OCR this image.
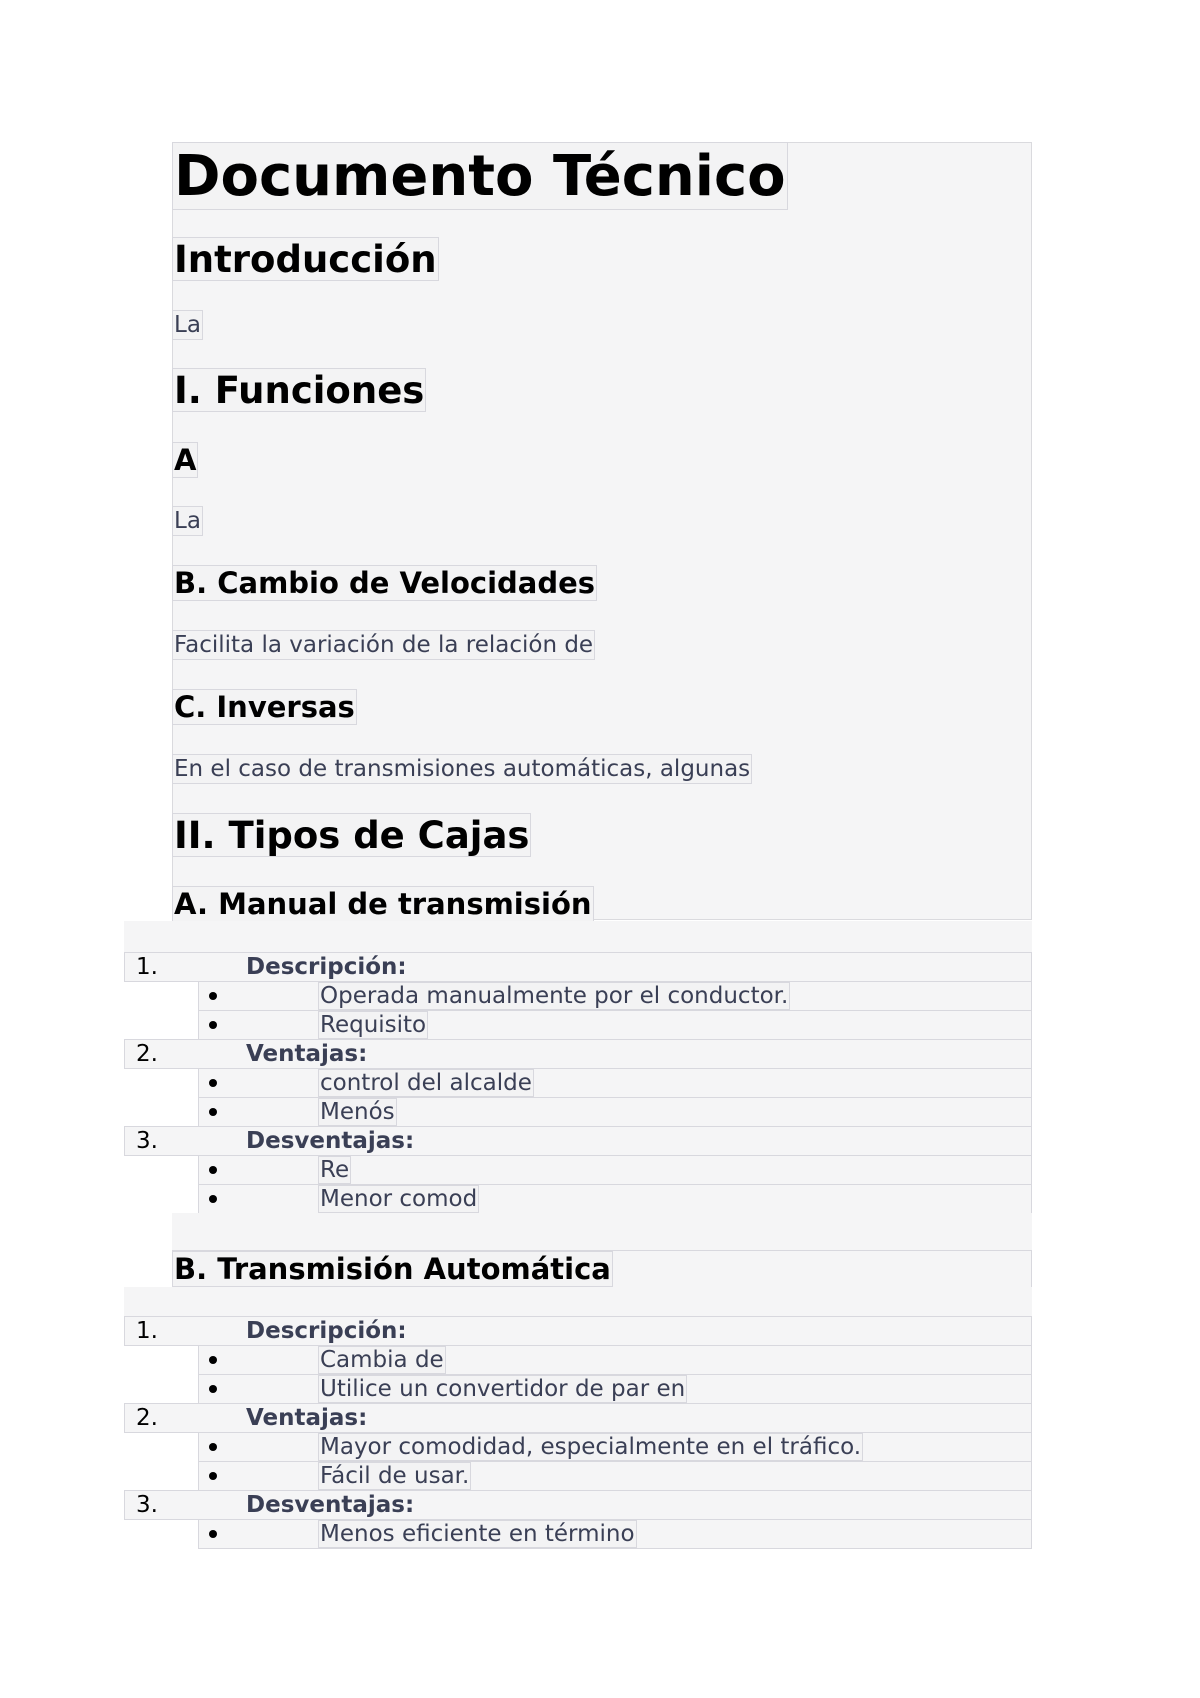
Documento Técnico
Introducción
La
I. Funciones
A
La
B. Cambio de Velocidades
Facilita la variación de la relación de
C. Inversas
En el caso de transmisiones automáticas, algunas
II. Tipos de Cajas
A. Manual de transmisión
1.	Descripción:
Operada manualmente por el conductor.
Requisito
2.	Ventajas:
control del alcalde
Menós
3.	Desventajas:
Re
Menor comod
B. Transmisión Automática
1.	Descripción:
Cambia de
Utilice un convertidor de par en
2.	Ventajas:
Mayor comodidad, especialmente en el tráfico.
Fácil de usar.
3.	Desventajas:
Menos eficiente en término
